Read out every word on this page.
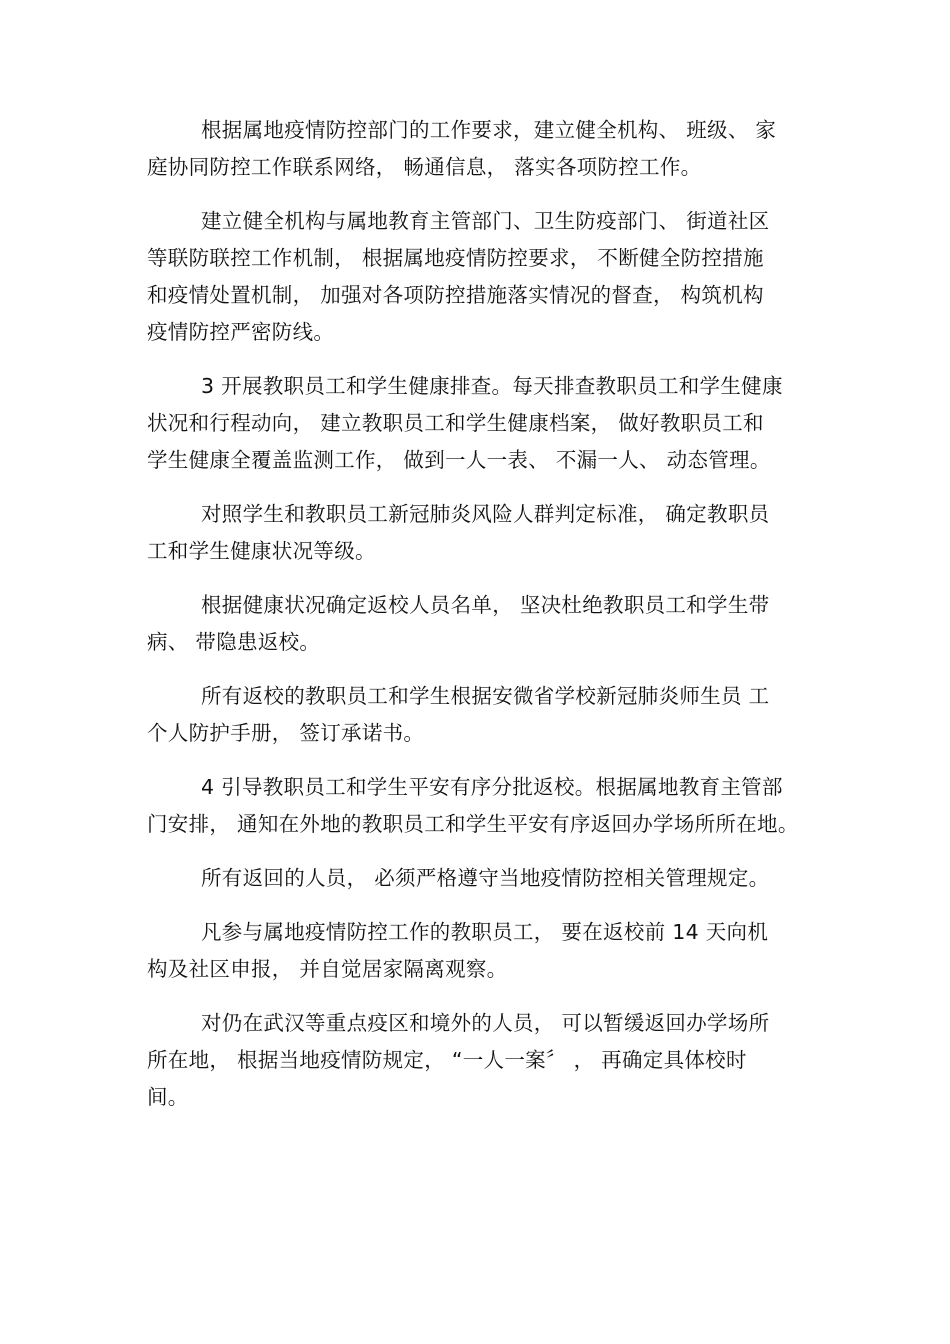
根据属地疫情防控部门的工作要求，建立健全机构、 班级、 家
庭协同防控工作联系网络， 畅通信息， 落实各项防控工作。
建立健全机构与属地教育主管部门、卫生防疫部门、 街道社区
等联防联控工作机制， 根据属地疫情防控要求， 不断健全防控措施
和疫情处置机制， 加强对各项防控措施落实情况的督查， 构筑机构
疫情防控严密防线。
3 开展教职员工和学生健康排查。每天排查教职员工和学生健康
状况和行程动向， 建立教职员工和学生健康档案， 做好教职员工和
学生健康全覆盖监测工作， 做到一人一表、 不漏一人、 动态管理。
对照学生和教职员工新冠肺炎风险人群判定标准， 确定教职员
工和学生健康状况等级。
根据健康状况确定返校人员名单， 坚决杜绝教职员工和学生带
病、 带隐患返校。
所有返校的教职员工和学生根据安微省学校新冠肺炎师生员 工
个人防护手册， 签订承诺书。
4 引导教职员工和学生平安有序分批返校。根据属地教育主管部
门安排， 通知在外地的教职员工和学生平安有序返回办学场所所在地。
所有返回的人员， 必须严格遵守当地疫情防控相关管理规定。
凡参与属地疫情防控工作的教职员工， 要在返校前 14 天向机
构及社区申报， 并自觉居家隔离观察。
对仍在武汉等重点疫区和境外的人员， 可以暂缓返回办学场所
所在地， 根据当地疫情防规定， “一人一案〞 ， 再确定具体校时
间。
